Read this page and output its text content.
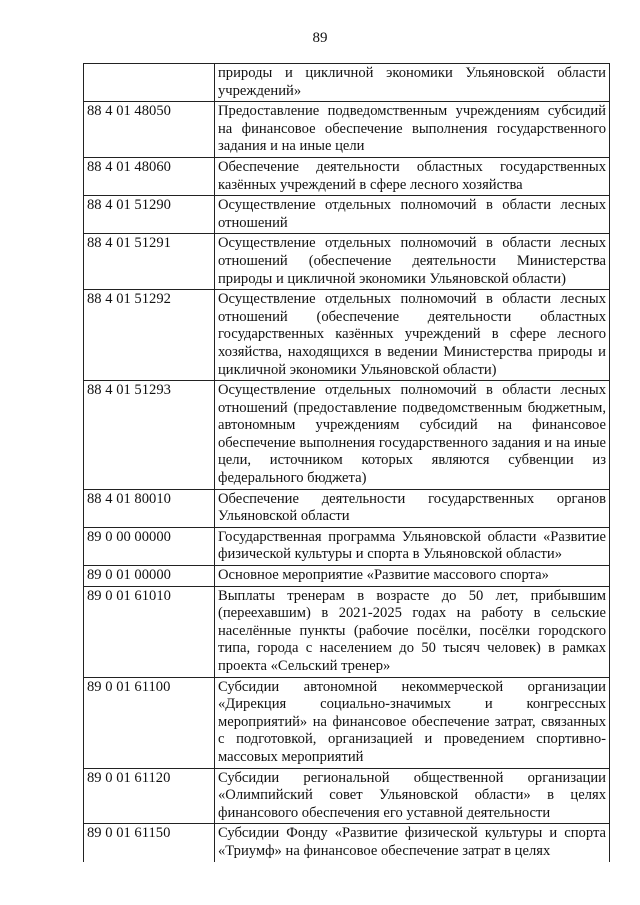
89
	природы и цикличной экономики Ульяновской области учреждений»
88 4 01 48050	Предоставление подведомственным учреждениям субсидий на финансовое обеспечение выполнения государственного задания и на иные цели
88 4 01 48060	Обеспечение деятельности областных государственных казённых учреждений в сфере лесного хозяйства
88 4 01 51290	Осуществление отдельных полномочий в области лесных отношений
88 4 01 51291	Осуществление отдельных полномочий в области лесных отношений (обеспечение деятельности Министерства природы и цикличной экономики Ульяновской области)
88 4 01 51292	Осуществление отдельных полномочий в области лесных отношений (обеспечение деятельности областных государственных казённых учреждений в сфере лесного хозяйства, находящихся в ведении Министерства природы и цикличной экономики Ульяновской области)
88 4 01 51293	Осуществление отдельных полномочий в области лесных отношений (предоставление подведомственным бюджетным, автономным учреждениям субсидий на финансовое обеспечение выполнения государственного задания и на иные цели, источником которых являются субвенции из федерального бюджета)
88 4 01 80010	Обеспечение деятельности государственных органов Ульяновской области
89 0 00 00000	Государственная программа Ульяновской области «Развитие физической культуры и спорта в Ульяновской области»
89 0 01 00000	Основное мероприятие «Развитие массового спорта»
89 0 01 61010	Выплаты тренерам в возрасте до 50 лет, прибывшим (переехавшим) в 2021-2025 годах на работу в сельские населённые пункты (рабочие посёлки, посёлки городского типа, города с населением до 50 тысяч человек) в рамках проекта «Сельский тренер»
89 0 01 61100	Субсидии автономной некоммерческой организации «Дирекция социально-значимых и конгрессных мероприятий» на финансовое обеспечение затрат, связанных с подготовкой, организацией и проведением спортивно-массовых мероприятий
89 0 01 61120	Субсидии региональной общественной организации «Олимпийский совет Ульяновской области» в целях финансового обеспечения его уставной деятельности
89 0 01 61150	Субсидии Фонду «Развитие физической культуры и спорта «Триумф» на финансовое обеспечение затрат в целях
